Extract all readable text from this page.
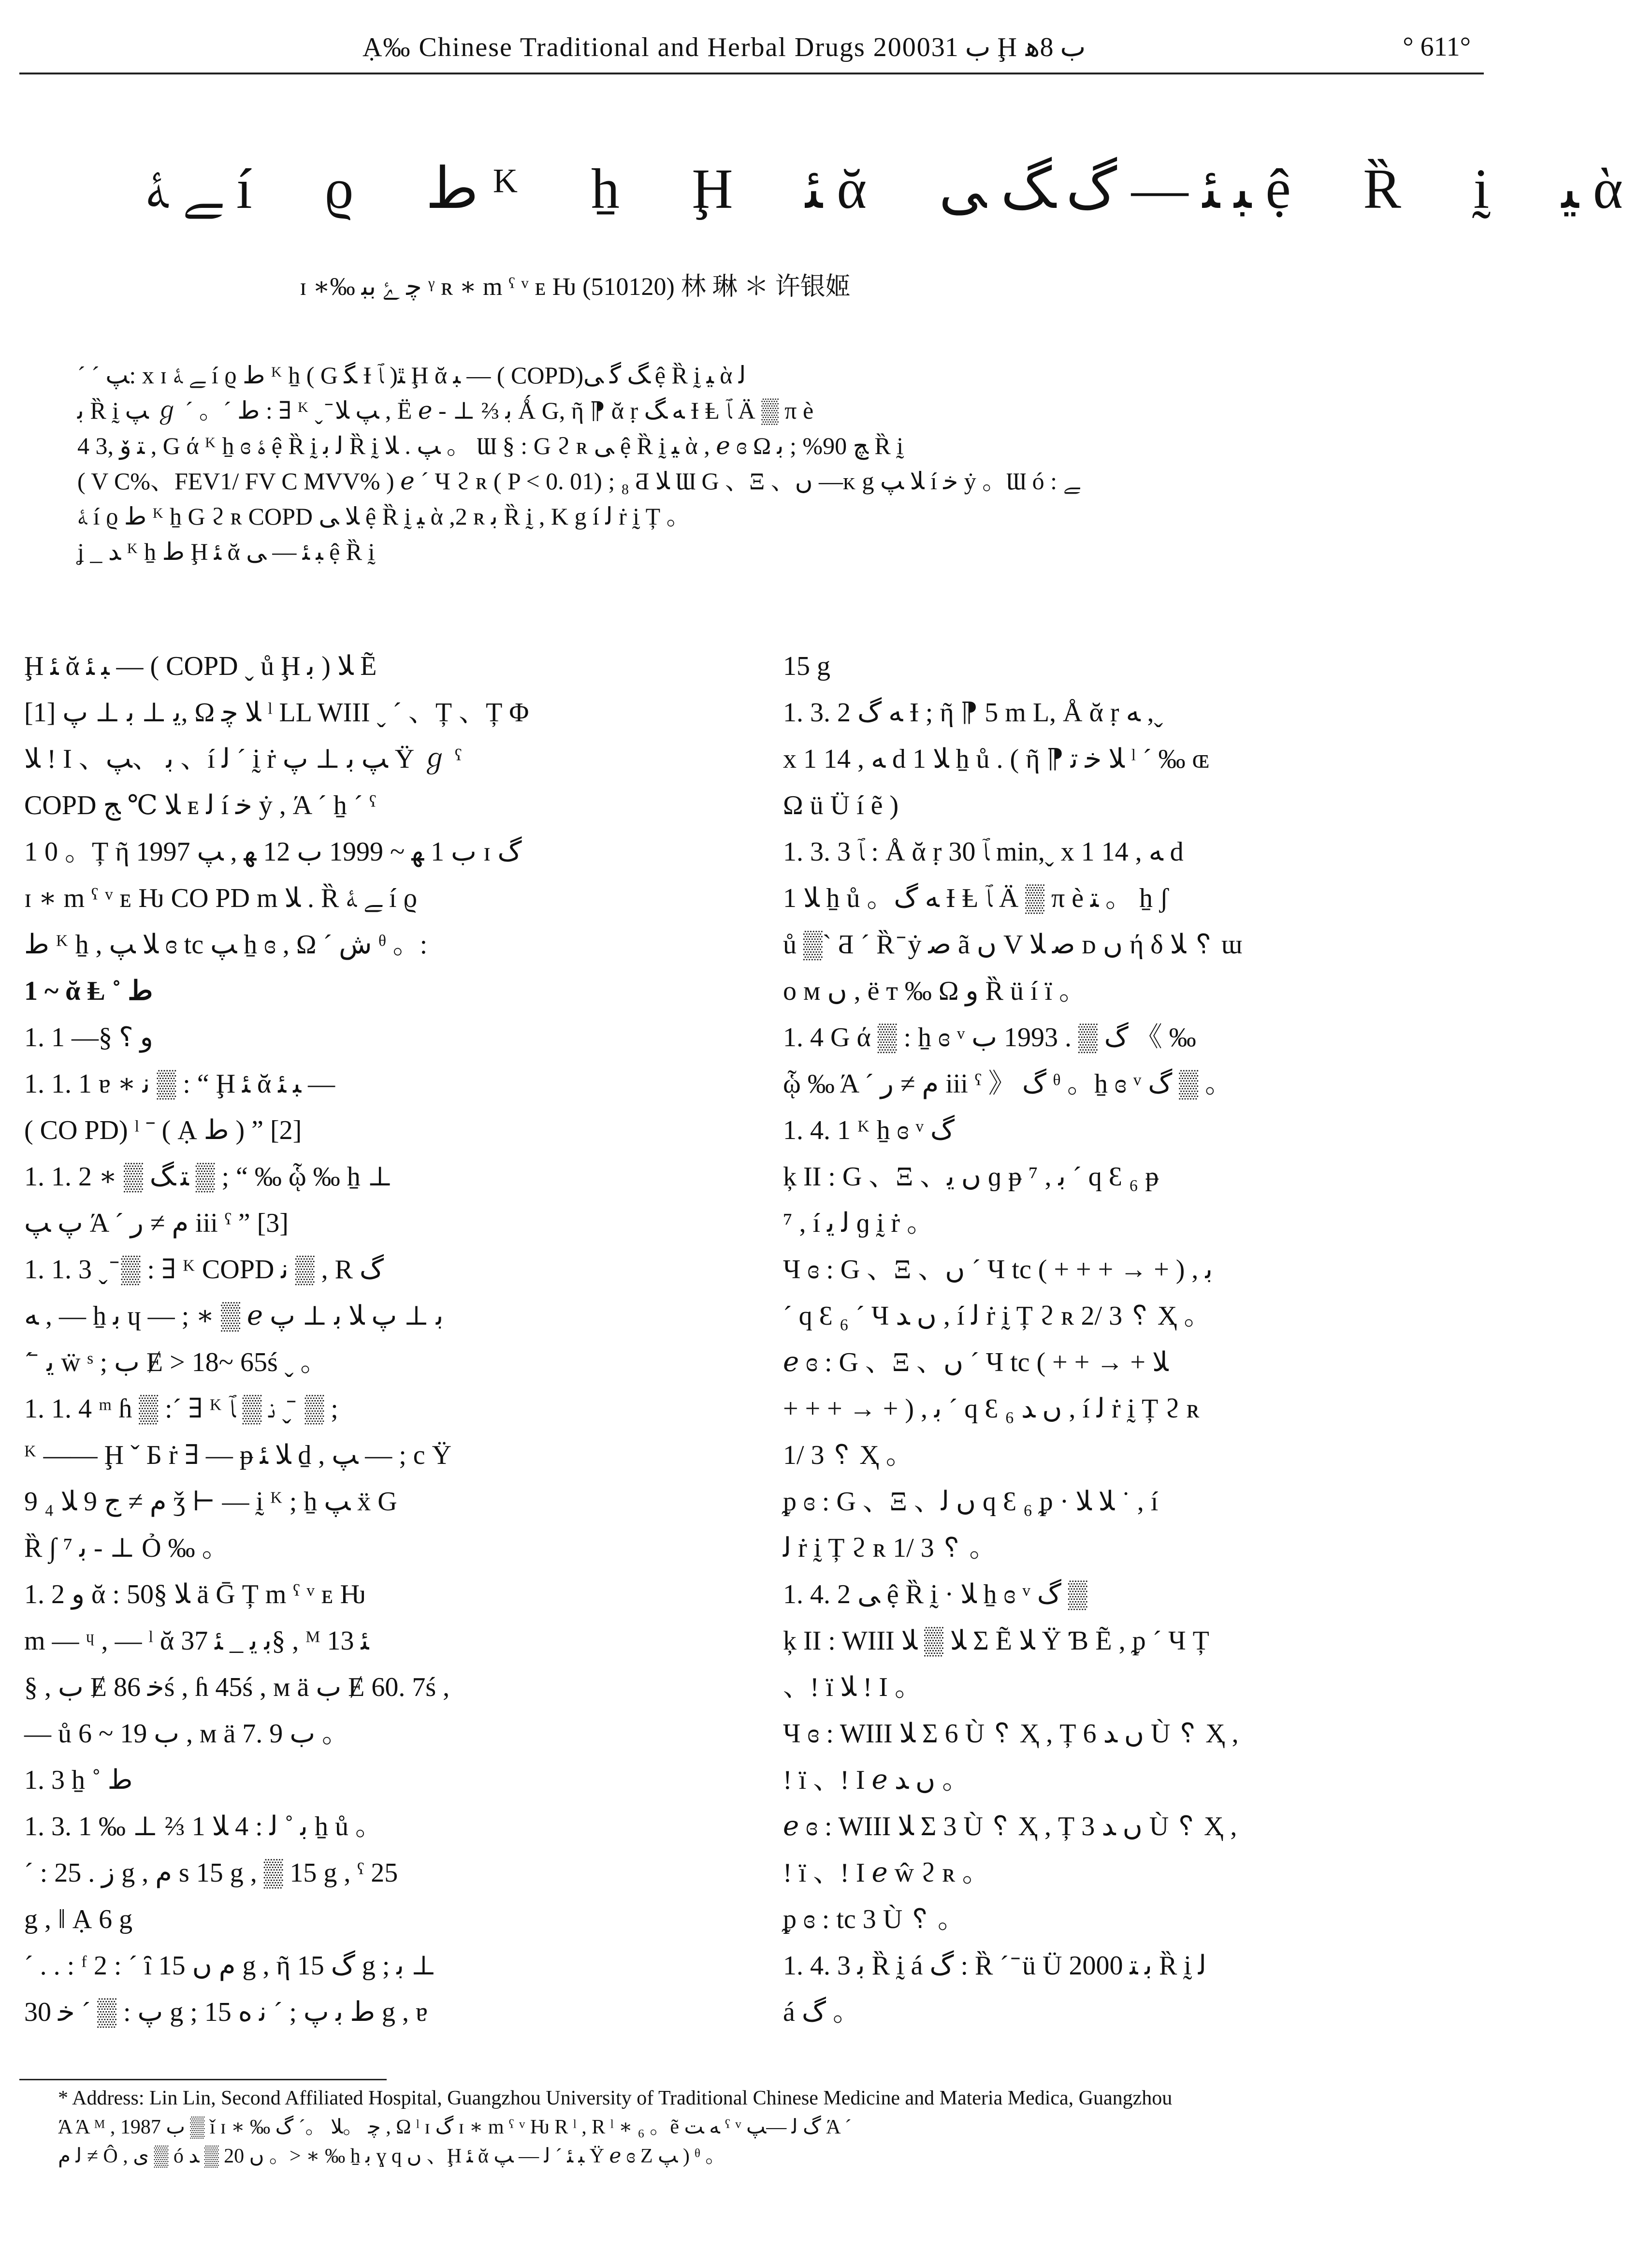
Ạ‰ Chinese Traditional and Herbal Drugs 2000ب 31 Ḩ ب 8ﮬ	° 611°
ﮯ ﮥ í ϱ ﻁ ᴷ ẖ Ḩ ﺌ ᾰ ﺒ ﺌ — ﮒ ﮓ ﯽ ệ Ȑ ḭ ﯿ ὰ
ɪ ∗‰ ﭼ ﮰ ﺑﺒ ᵞ ʀ ∗ m ˁ ᵛ ᴇ Ƕ (510120) 林 琳 ＊ 许银姬

ˊ ˊ ﭗ: x ɪ ﮯ ﮥ í ϱ ﻁ ᴷ ẖ ( G ﮕ Ɨ ﭑ )ﭥ Ḩ ᾰ ﺒ — ( COPD)ﮓ ﮔ ﯽ ệ Ȑ ḭ ﯿ ὰ ﻟ

ﺑ Ȑ ḭ ﭗ ℊ ˊ 。ˊ ﻁ : ∃ ᴷ ˬ ̄ ﭗ ﻼ , Ë ℯ - ⊥ ⅔ ﺑ Ǻ G, ῆ ⁋ ᾰ ṛ ﻪ ﮓ Ɨ Ⱡ ﭑ Ä ▒ π è

ﺘ ﯙ ,3 4 , G ά ᴷ ẖ ɞ ﮤ ệ Ȑ ḭ ﻟ ﺑ Ȑ ḭ ﭗ . ﻼ 。 Ɯ § : G ϩ ʀ ﯽ ệ Ȑ ḭ ﯿ ὰ , ℯ ɞ Ω ﭻ 90% ; ﺑ Ȑ ḭ

( V C%、FEV1/ FV C MVV% ) ℯ ˊ Ч ϩ ʀ ( P < 0. 01) ; ₈ Ƌ ﻼ Ɯ G 、Ξ 、ﮞ —ᴋ g ﻼ ﭗ í ﺧ ẏ 。Ɯ ó : ﮯ

ﮥ í ϱ ﻁ ᴷ ẖ G ϩ ʀ COPD ﻼ ﯽ ệ Ȑ ḭ ﯿ ὰ ,2 ʀ ﺑ Ȑ ḭ , K g í ﻟ ṙ ḭ Ț 。

ʝ _ ﺪ ᴷ ẖ ﻁ Ḩ ﺌ ᾰ ﺒ ﺌ — ﯽ ệ Ȑ ḭ

Ḩ ﺌ ᾰ ﺒ ﺌ — ( COPD ˬ ů Ḩ ﺑ ) ﻼ Ẽ

ﻳ ⊥ ﺑ ⊥ ﭖ [1], Ω ﻼ ﭼ ˡ LL WIII ˬ ˊ 、Ț 、Ț Φ

ﻼ ! I 、ﺑ 、ﭗ 、í ﻟ ˊ ḭ ṙ ﭗ ﺑ ⊥ ﭖ Ÿ ℊ ˁ

COPD ﻼ ℃ ﺞ ᴇ ﻟ í ﺧ ẏ , Ά ˊ ẖ ˊ ˁ

1 0 。Ț ῆ 1997 ب 1 ﻬ ~ 1999 ب 12 ﻬ , ﭗ ɪ ﮒ

ɪ ∗ m ˁ ᵛ ᴇ Ƕ CO PD m ﻼ . Ȑ ﮯ ﮥ í ϱ

ﻁ ᴷ ẖ , ﻼ ﭗ ɞ tc ﭗ ẖ ɞ , Ω ˊ ﺵ ᶿ 。:

1 ~ ᾰ Ⱡ ˚ ﻁ

1. 1 —§ ﻭ ؟

1. 1. 1 ɐ ∗ ﻧ ▒ : “ Ḩ ﺌ ᾰ ﺒ ﺌ —

( CO PD) ˡ ˉ ( Ạ ﻁ ) ” [2]

1. 1. 2 ∗ ▒ ﺘ ﮓ ▒ ; “ ‰ ᾧ ‰ ẖ ⊥

ﭖ ﭗ Ά ˊ ﻡ ≠ ﺭ iii ˁ ” [3]

1. 1. 3 ˬ ̄ ▒ : ∃ ᴷ COPD ﻧ ▒ , R ﮒ

ﻪ , — ẖ ﺑ ɥ — ; ∗ ▒ ℯ ﺑ ⊥ ﭖ ﻼ ﺑ ⊥ ﭖ

ˊ ̄ ﻳ ẅ ˢ ; ب Ɇ > 18~ 65ś ˬ 。

1. 1. 4 ᵐ ɦ ▒ :ˊ ∃ ᴷ ﻧ ▒ ﭑ ˬ ̄ ▒ ;

ᴷ —— Ḩ ˇ Ƃ ṙ ∃ — ᵽ ﻼ ﺌ ḏ , ﭗ — ; c Ÿ

9 ﻡ ≠ ﺝ 9 ﻼ ₄ ǯ ⊢ — ḭ ᴷ ; ẖ ﭗ ẍ G

Ȑ ∫ ⁷ ﺑ - ⊥ Ỏ ‰ 。

1. 2 ﻭ ᾰ : 50§ ﻼ ä Ḡ Ț m ˁ ᵛ ᴇ Ƕ

m — ᶣ , — ˡ ᾰ ﺑ ﻳ _ ﺌ 37§ , ᴹ ﺌ 13

§ , ب Ɇ ﺧ 86ś , ɦ 45ś , ᴍ ä ب Ɇ 60. 7ś ,

— ů 6 ~ 19 ب , ᴍ ä 7. 9 ب 。

1. 3 ẖ ˚ ﻁ

1. 3. 1 ‰ ⊥ ⅔ ﺑ ˚ ﻟ : 4 ﻼ 1 ẖ ů 。

ˊ : ﺯ . 25 g , ﻡ s 15 g , ▒ 15 g , ˁ 25

g , ‖ Ạ 6 g

ˊ . . : ᶠ 2 : ˊ ȋ ﻡ ﮞ 15 g , ῆ ﮒ 15 g ; ﺑ ⊥

ﭖ : ▒ ˊ ﺧ 30 g ; ﻁ ﺑ ﭖ ; ˊ ﻧ ﻩ 15 g , ɐ

15 g

1. 3. 2 ﻪ ﮒ Ɨ ; ῆ ⁋ 5 m L, Å ᾰ ṛ ﻪ ,ˬ

x 1 ﻪ , 14 d ﻼ 1 ẖ ů . ( ῆ ⁋ ﻼ ﺧ ﺗ ˡ ˊ ‰ ɶ

Ω ü Ü í ẽ )

1. 3. 3 ﭑ : Å ᾰ ṛ ﭑ 30 min,ˬ x 1 ﻪ , 14 d

ﻼ 1 ẖ ů 。ﻪ ﮒ Ɨ Ⱡ ﭑ Ä ▒ π è ﺘ 。 ẖ ʃ

ů ▒ˋ Ƌ ˊ Ȑ ̄ ẏ ﺻ ã ﮞ V ﺻ ﻼ ᴅ ﮞ ή δ ﻼ ␦ ɯ

o ᴍ ﮞ , ë ᴛ ‰ Ω ﻭ Ȑ ü í ï 。

1. 4 G ά ▒ : ẖ ɞ ᵛ ﮒ ▒ . 1993 ب 《 ‰

ᾧ ‰ Ά ˊ ﻡ ≠ ﺭ iii ˁ 》 ﮒ ᶿ 。ẖ ɞ ᵛ ﮒ ▒ 。

1. 4. 1 ᴷ ẖ ɞ ᵛ ﮒ

ķ II : G 、Ξ 、ﮞ ﻳ ɡ ᵽ ⁷ , ﺑ ˊ q Ɛ ₆ ᵽ

⁷ , í ﻟ ﻳ ɡ ḭ ṙ 。

Ч ɞ : G 、Ξ 、ﮞ ˊ Ч tc ( + + + → + ) , ﺑ

ˊ q Ɛ ₆ ˊ Ч ﮞ ﺪ , í ﻟ ṙ ḭ Ț ϩ ʀ 2/ 3 ␦ Ҳ 。

ℯ ɞ : G 、Ξ 、ﮞ ˊ Ч tc ( + + → + ﻼ

+ + + → + ) , ﺑ ˊ q Ɛ ₆ ﮞ ﺪ , í ﻟ ṙ ḭ Ț ϩ ʀ

1/ 3 ␦ Ҳ 。

ᵱ ɞ : G 、Ξ 、ﮞ ﻟ q Ɛ ₆ ᵱ · ﻼ ﻼ ˙ , í

ﻟ ṙ ḭ Ț ϩ ʀ 1/ 3 ␦ 。

1. 4. 2 ﯽ ệ Ȑ ḭ · ﻼ ẖ ɞ ᵛ ﮒ ▒

ķ II : WIII ﻼ ▒ ﻼ Σ Ẽ ﻼ Ÿ Ɓ Ẽ , ᵱ ˊ Ч Ț

、! ï ﻼ ! I 。

Ч ɞ : WIII ﻼ Σ 6 Ù ␦ Ҳ , Ț ﮞ ﺪ 6 Ù ␦ Ҳ ,

! ï 、! I ℯ ﮞ ﺪ 。

ℯ ɞ : WIII ﻼ Σ 3 Ù ␦ Ҳ , Ț ﮞ ﺪ 3 Ù ␦ Ҳ ,

! ï 、! I ℯ ŵ ϩ ʀ 。

ᵱ ɞ : tc 3 Ù ␦ 。

1. 4. 3 ﺑ Ȑ ḭ á ﮒ : Ȑ ˊ ̄ ü Ü 2000 ﺑ ﺘ Ȑ ḭ ﻟ

á ﮒ 。

* Address: Lin Lin, Second Affiliated Hospital, Guangzhou University of Traditional Chinese Medicine and Materia Medica, Guangzhou

Ά Ά ᴹ , 1987 ب ▒ ǐ ɪ ∗ ‰ ﭼ 。ﻼ 。ˊ ﮒ , Ω ˡ ɪ ﮒ ɪ ∗ m ˁ ᵛ Ƕ R ˡ , R ˡ ∗ ₆ 。ẽ ﻪ ﺖ ˁ ᵛ ﮒ ﻟ —ﭗ Ά ˊ

ﻟ ﻡ ≠ Ô , ﯼ ▒ ó ﮞ 20 ▒ ﺪ 。> ∗ ‰ ẖ ﺑ ɣ q ﮞ 、Ḩ ﺌ ᾰ ﺒ ﺌ ˊ ﻟ — ﭗ Ÿ ℯ ɞ Z ﭗ ) ᶿ 。
